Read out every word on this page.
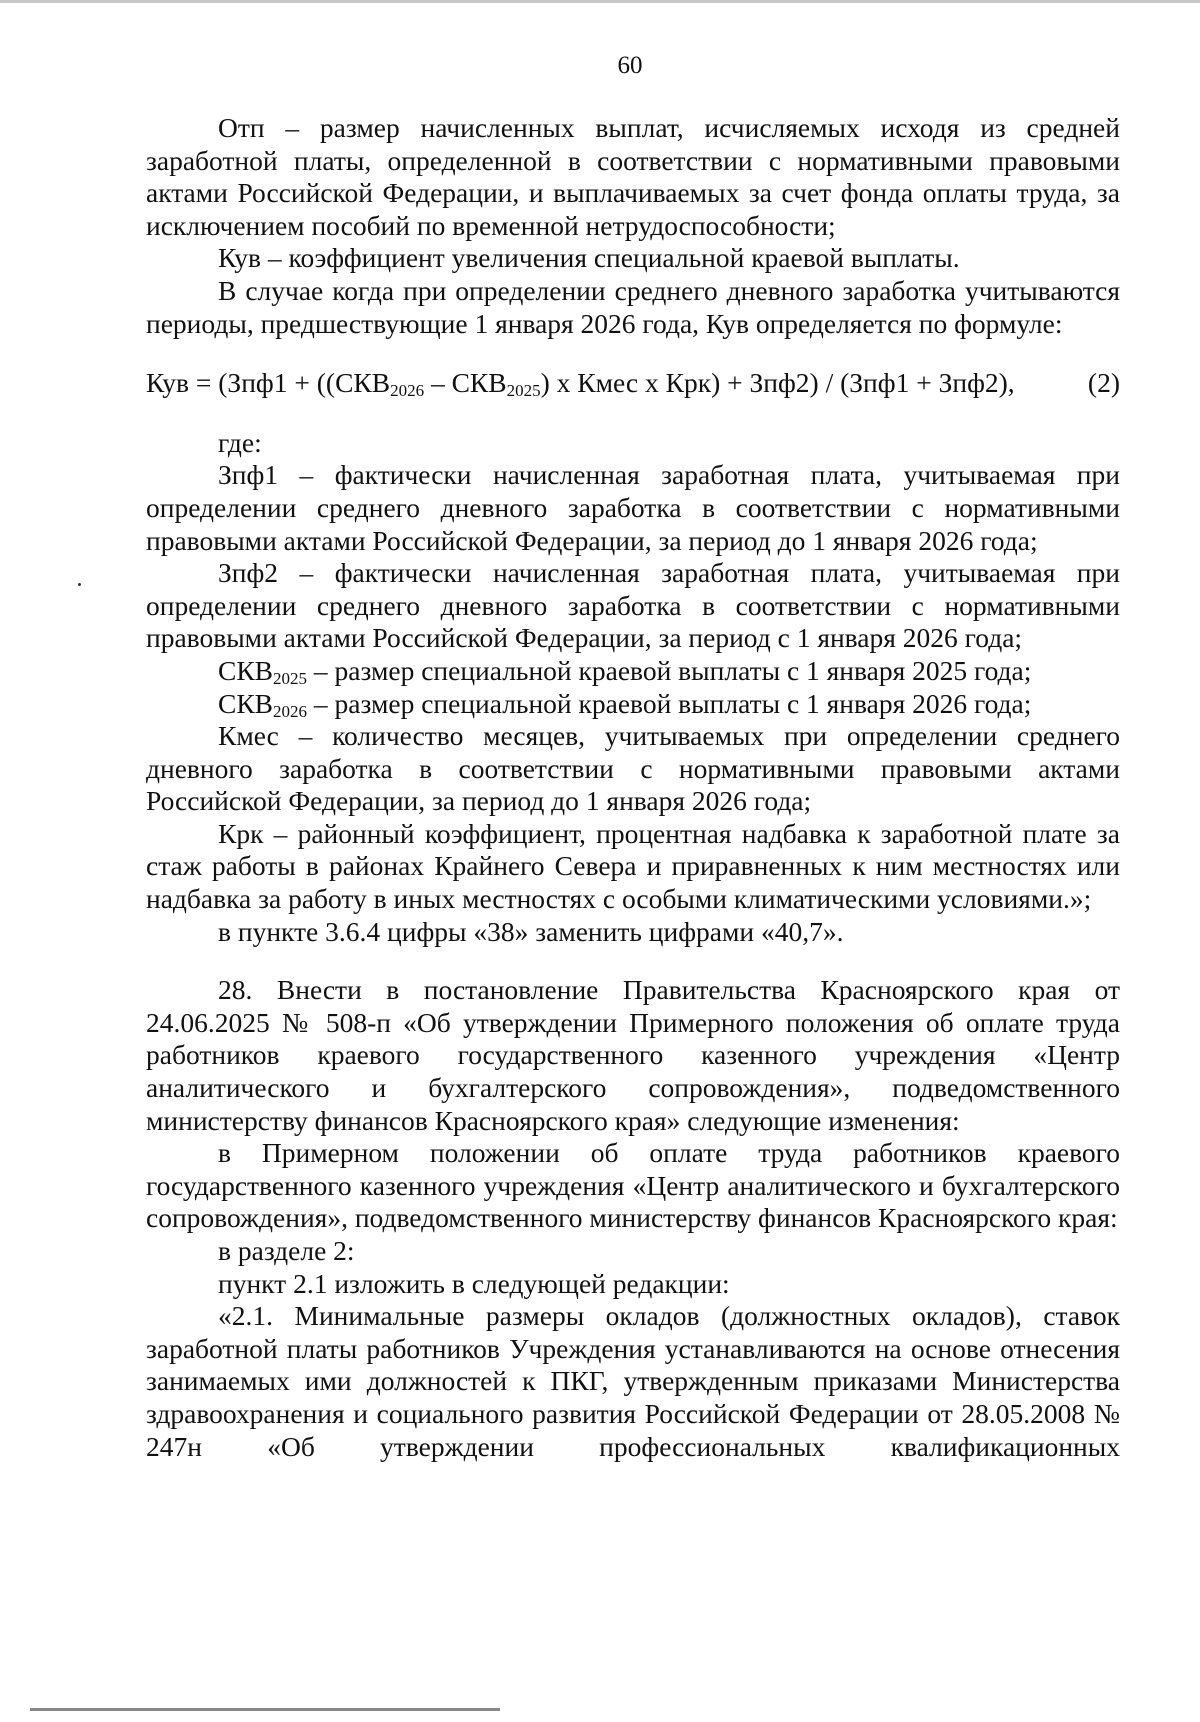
60

Отп – размер начисленных выплат, исчисляемых исходя из средней заработной платы, определенной в соответствии с нормативными правовыми актами Российской Федерации, и выплачиваемых за счет фонда оплаты труда, за исключением пособий по временной нетрудоспособности;

Кув – коэффициент увеличения специальной краевой выплаты.

В случае когда при определении среднего дневного заработка учитываются периоды, предшествующие 1 января 2026 года, Кув определяется по формуле:

Кув = ($Зпф1 + ((СКВ_{2026} - СКВ_{2025})$ х Кмес х Крк) + Зпф2) / (Зпф1 + Зпф2),	(2)

где:

Зпф1 – фактически начисленная заработная плата, учитываемая при определении среднего дневного заработка в соответствии с нормативными правовыми актами Российской Федерации, за период до 1 января 2026 года;

Зпф2 – фактически начисленная заработная плата, учитываемая при определении среднего дневного заработка в соответствии с нормативными правовыми актами Российской Федерации, за период с 1 января 2026 года;

$СКВ_{2025}$ – размер специальной краевой выплаты с 1 января 2025 года;

$СКВ_{2026}$ – размер специальной краевой выплаты с 1 января 2026 года;

Кмес – количество месяцев, учитываемых при определении среднего дневного заработка в соответствии с нормативными правовыми актами Российской Федерации, за период до 1 января 2026 года;

Крк – районный коэффициент, процентная надбавка к заработной плате за стаж работы в районах Крайнего Севера и приравненных к ним местностях или надбавка за работу в иных местностях с особыми климатическими условиями.»;

в пункте 3.6.4 цифры «38» заменить цифрами «40,7».

28. Внести в постановление Правительства Красноярского края от 24.06.2025 № 508-п «Об утверждении Примерного положения об оплате труда работников краевого государственного казенного учреждения «Центр аналитического и бухгалтерского сопровождения», подведомственного министерству финансов Красноярского края» следующие изменения:

в Примерном положении об оплате труда работников краевого государственного казенного учреждения «Центр аналитического и бухгалтерского сопровождения», подведомственного министерству финансов Красноярского края:

в разделе 2:

пункт 2.1 изложить в следующей редакции:

«2.1. Минимальные размеры окладов (должностных окладов), ставок заработной платы работников Учреждения устанавливаются на основе отнесения занимаемых ими должностей к ПКГ, утвержденным приказами Министерства здравоохранения и социального развития Российской Федерации от 28.05.2008 № 247н «Об утверждении профессиональных квалификационных
